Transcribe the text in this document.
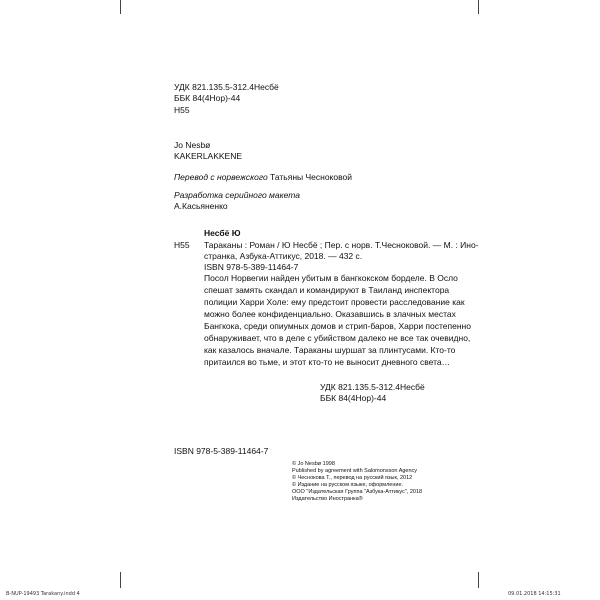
УДК 821.135.5-312.4Несбё
ББК 84(4Нор)-44
Н55
Jo Nesbø
KAKERLAKKENE
Перевод с норвежского Татьяны Чесноковой
Разработка серийного макета
А.Касьяненко
Несбё Ю
Н55 Тараканы : Роман / Ю Несбё ; Пер. с норв. Т.Чесноковой. — М. : Ино-
странка, Азбука-Аттикус, 2018. — 432 с.
ISBN 978-5-389-11464-7
Посол Норвегии найден убитым в бангкокском борделе. В Осло
спешат замять скандал и командируют в Таиланд инспектора
полиции Харри Холе: ему предстоит провести расследование как
можно более конфиденциально. Оказавшись в злачных местах
Бангкока, среди опиумных домов и стрип-баров, Харри постепенно
обнаруживает, что в деле с убийством далеко не все так очевидно,
как казалось вначале. Тараканы шуршат за плинтусами. Кто-то
притаился во тьме, и этот кто-то не выносит дневного света…
УДК 821.135.5-312.4Несбё
ББК 84(4Нор)-44
ISBN 978-5-389-11464-7
© Jo Nesbø 1998
Published by agreement with Salomonsson Agency
© Чеснокова Т., перевод на русский язык, 2012
© Издание на русском языке, оформление.
ООО "Издательская Группа "Азбука-Аттикус", 2018
Издательство Иностранка®
B-NUP-19493 Tarakany.indd 4	09.01.2018 14:15:31
